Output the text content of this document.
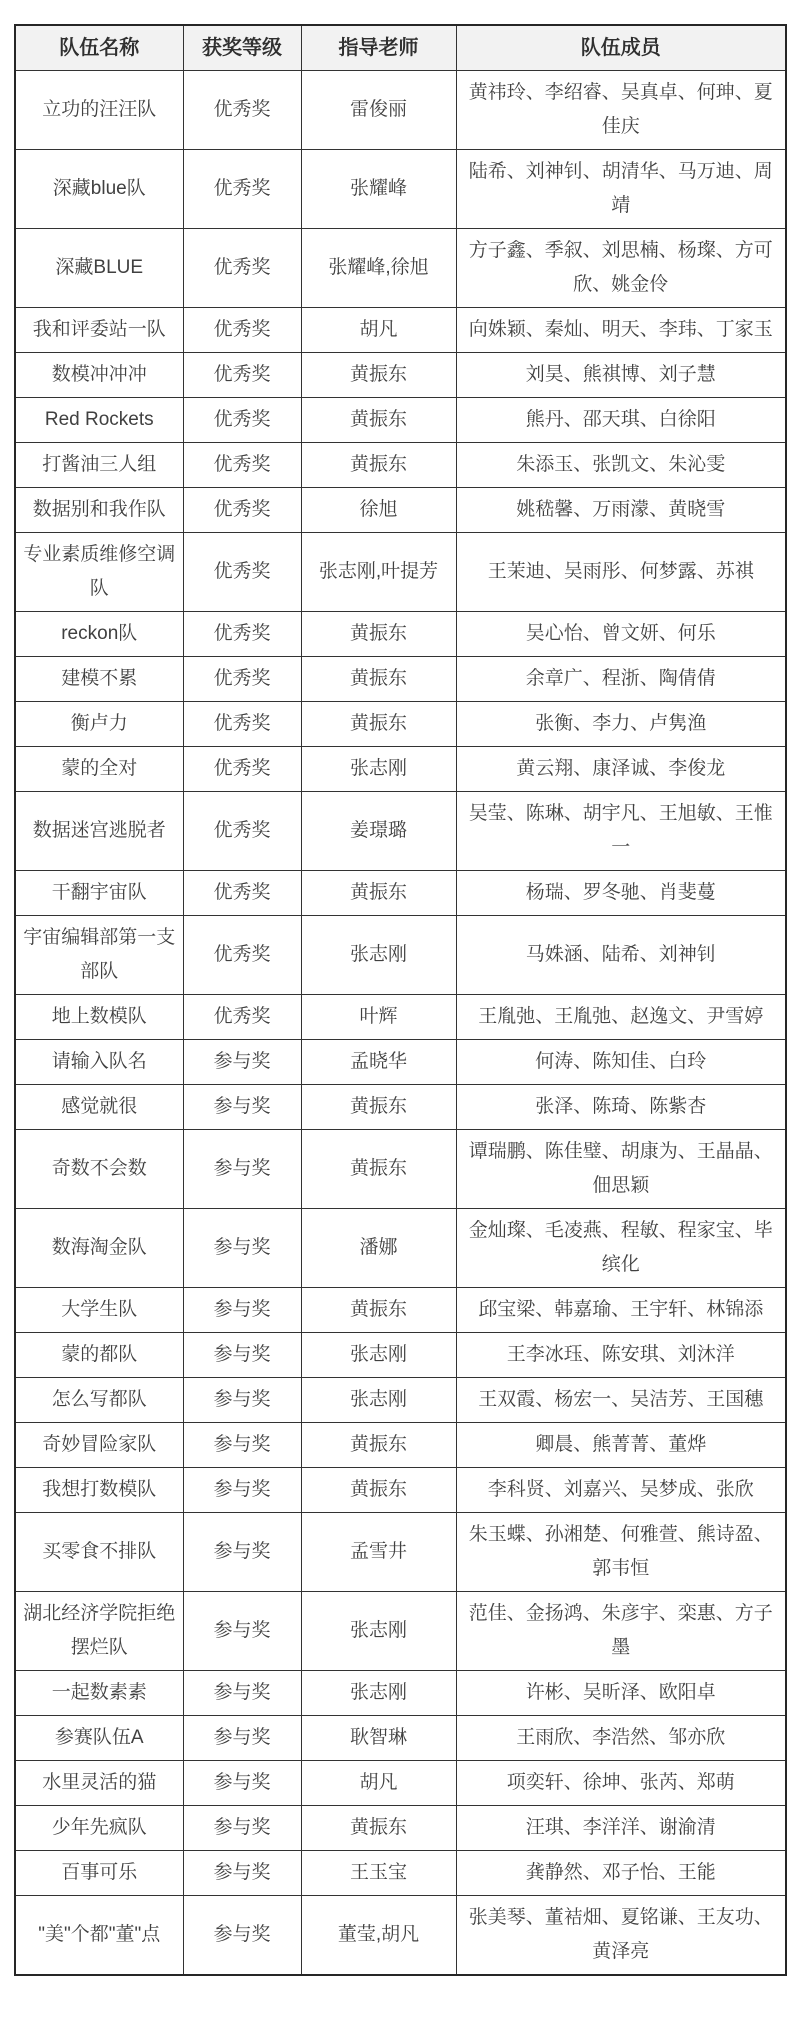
队伍名称	获奖等级	指导老师	队伍成员
立功的汪汪队	优秀奖	雷俊丽	黄祎玲、李绍睿、吴真卓、何珅、夏佳庆
深藏blue队	优秀奖	张耀峰	陆希、刘神钊、胡清华、马万迪、周靖
深藏BLUE	优秀奖	张耀峰,徐旭	方子鑫、季叙、刘思楠、杨璨、方可欣、姚金伶
我和评委站一队	优秀奖	胡凡	向姝颖、秦灿、明天、李玮、丁家玉
数模冲冲冲	优秀奖	黄振东	刘昊、熊祺博、刘子慧
Red Rockets	优秀奖	黄振东	熊丹、邵天琪、白徐阳
打酱油三人组	优秀奖	黄振东	朱添玉、张凯文、朱沁雯
数据别和我作队	优秀奖	徐旭	姚嵇馨、万雨濛、黄晓雪
专业素质维修空调队	优秀奖	张志刚,叶提芳	王茉迪、吴雨彤、何梦露、苏祺
reckon队	优秀奖	黄振东	吴心怡、曾文妍、何乐
建模不累	优秀奖	黄振东	余章广、程浙、陶倩倩
衡卢力	优秀奖	黄振东	张衡、李力、卢隽渔
蒙的全对	优秀奖	张志刚	黄云翔、康泽诚、李俊龙
数据迷宫逃脱者	优秀奖	姜璟璐	吴莹、陈琳、胡宇凡、王旭敏、王惟一
干翻宇宙队	优秀奖	黄振东	杨瑞、罗冬驰、肖斐蔓
宇宙编辑部第一支部队	优秀奖	张志刚	马姝涵、陆希、刘神钊
地上数模队	优秀奖	叶辉	王胤弛、王胤弛、赵逸文、尹雪婷
请输入队名	参与奖	孟晓华	何涛、陈知佳、白玲
感觉就很	参与奖	黄振东	张泽、陈琦、陈紫杏
奇数不会数	参与奖	黄振东	谭瑞鹏、陈佳璧、胡康为、王晶晶、佃思颖
数海淘金队	参与奖	潘娜	金灿璨、毛凌燕、程敏、程家宝、毕缤化
大学生队	参与奖	黄振东	邱宝梁、韩嘉瑜、王宇轩、林锦添
蒙的都队	参与奖	张志刚	王李冰珏、陈安琪、刘沐洋
怎么写都队	参与奖	张志刚	王双霞、杨宏一、吴洁芳、王国穗
奇妙冒险家队	参与奖	黄振东	卿晨、熊菁菁、董烨
我想打数模队	参与奖	黄振东	李科贤、刘嘉兴、吴梦成、张欣
买零食不排队	参与奖	孟雪井	朱玉蝶、孙湘楚、何雅萱、熊诗盈、郭韦恒
湖北经济学院拒绝摆烂队	参与奖	张志刚	范佳、金扬鸿、朱彦宇、栾惠、方子墨
一起数素素	参与奖	张志刚	许彬、吴昕泽、欧阳卓
参赛队伍A	参与奖	耿智琳	王雨欣、李浩然、邹亦欣
水里灵活的猫	参与奖	胡凡	项奕轩、徐坤、张芮、郑萌
少年先疯队	参与奖	黄振东	汪琪、李洋洋、谢渝清
百事可乐	参与奖	王玉宝	龚静然、邓子怡、王能
"美"个都"董"点	参与奖	董莹,胡凡	张美琴、董袺畑、夏铭谦、王友功、黄泽亮
